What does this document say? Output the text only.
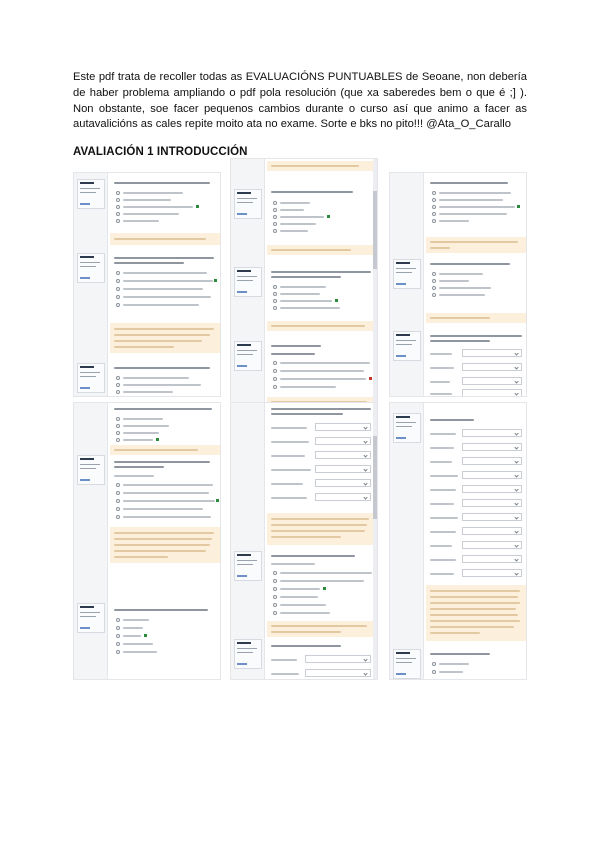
Este pdf trata de recoller todas as EVALUACIÓNS PUNTUABLES de Seoane, non debería de haber problema ampliando o pdf pola resolución (que xa saberedes bem o que é ;] ). Non obstante, soe facer pequenos cambios durante o curso así que animo a facer as autavalicións as cales repite moito ata no exame. Sorte e bks no pito!!! @Ata_O_Carallo

AVALIACIÓN 1 INTRODUCCIÓN
